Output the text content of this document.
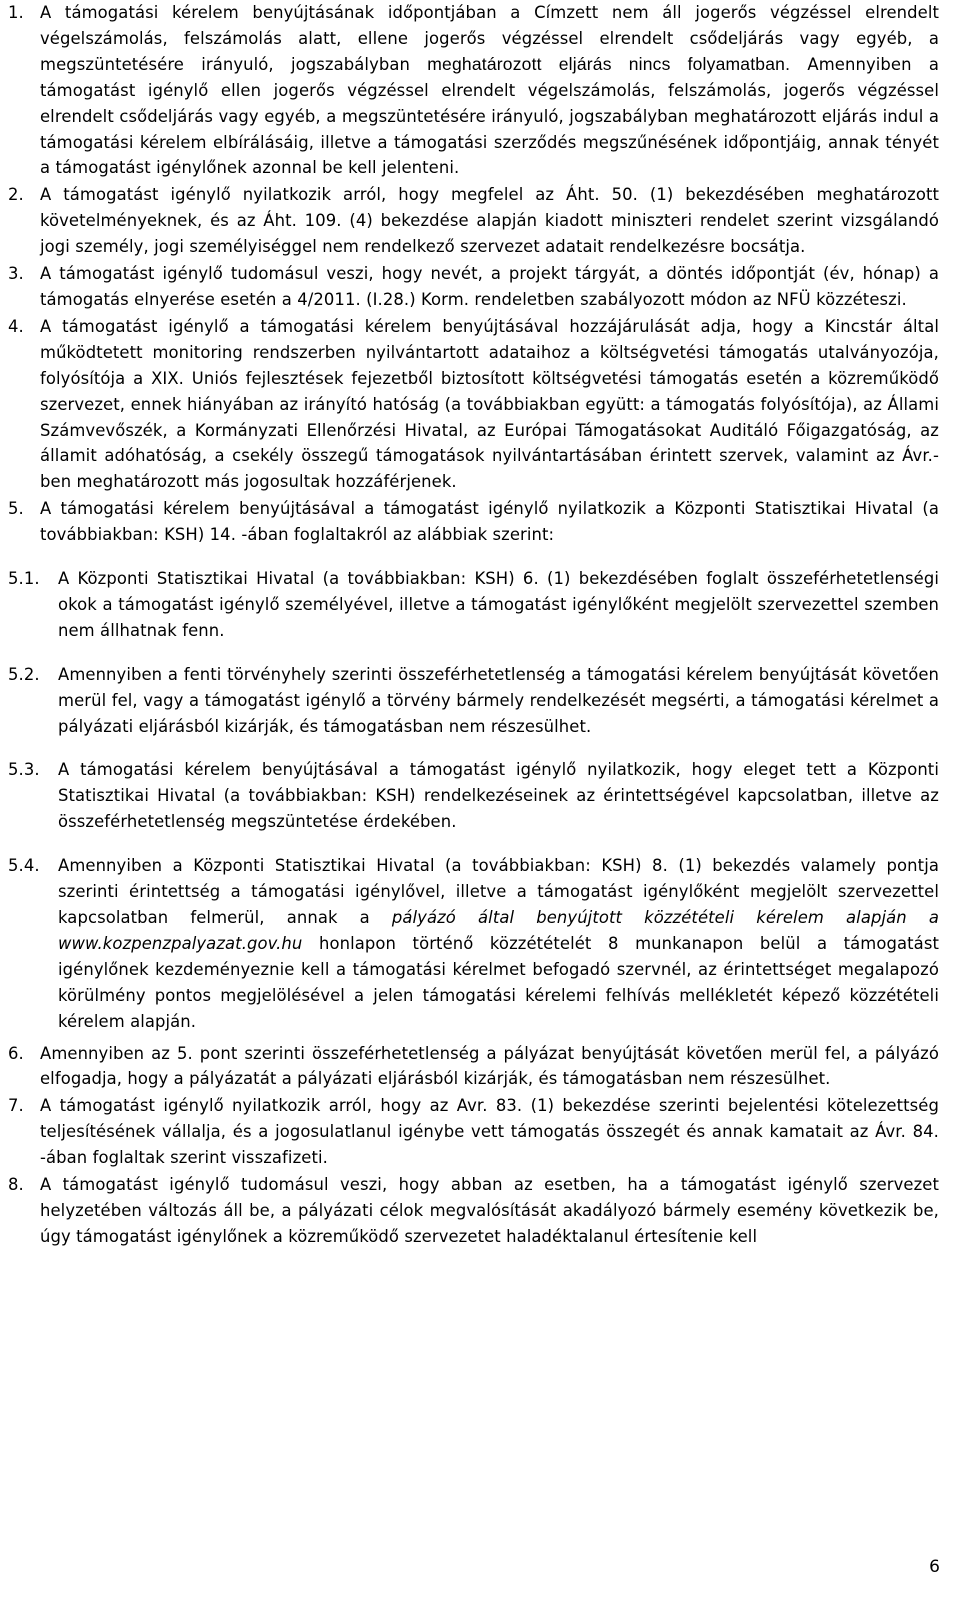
1. A támogatási kérelem benyújtásának időpontjában a Címzett nem áll jogerős végzéssel elrendelt végelszámolás, felszámolás alatt, ellene jogerős végzéssel elrendelt csődeljárás vagy egyéb, a megszüntetésére irányuló, jogszabályban meghatározott eljárás nincs folyamatban. Amennyiben a támogatást igénylő ellen jogerős végzéssel elrendelt végelszámolás, felszámolás, jogerős végzéssel elrendelt csődeljárás vagy egyéb, a megszüntetésére irányuló, jogszabályban meghatározott eljárás indul a támogatási kérelem elbírálásáig, illetve a támogatási szerződés megszűnésének időpontjáig, annak tényét a támogatást igénylőnek azonnal be kell jelenteni.
2. A támogatást igénylő nyilatkozik arról, hogy megfelel az Áht. 50. (1) bekezdésében meghatározott követelményeknek, és az Áht. 109. (4) bekezdése alapján kiadott miniszteri rendelet szerint vizsgálandó jogi személy, jogi személyiséggel nem rendelkező szervezet adatait rendelkezésre bocsátja.
3. A támogatást igénylő tudomásul veszi, hogy nevét, a projekt tárgyát, a döntés időpontját (év, hónap) a támogatás elnyerése esetén a 4/2011. (I.28.) Korm. rendeletben szabályozott módon az NFÜ közzéteszi.
4. A támogatást igénylő a támogatási kérelem benyújtásával hozzájárulását adja, hogy a Kincstár által működtetett monitoring rendszerben nyilvántartott adataihoz a költségvetési támogatás utalványozója, folyósítója a XIX. Uniós fejlesztések fejezetből biztosított költségvetési támogatás esetén a közreműködő szervezet, ennek hiányában az irányító hatóság (a továbbiakban együtt: a támogatás folyósítója), az Állami Számvevőszék, a Kormányzati Ellenőrzési Hivatal, az Európai Támogatásokat Auditáló Főigazgatóság, az államit adóhatóság, a csekély összegű támogatások nyilvántartásában érintett szervek, valamint az Ávr.-ben meghatározott más jogosultak hozzáférjenek.
5. A támogatási kérelem benyújtásával a támogatást igénylő nyilatkozik a Központi Statisztikai Hivatal (a továbbiakban: KSH) 14. -ában foglaltakról az alábbiak szerint:
5.1.	A Központi Statisztikai Hivatal (a továbbiakban: KSH) 6. (1) bekezdésében foglalt összeférhetetlenségi okok a támogatást igénylő személyével, illetve a támogatást igénylőként megjelölt szervezettel szemben nem állhatnak fenn.
5.2.	Amennyiben a fenti törvényhely szerinti összeférhetetlenség a támogatási kérelem benyújtását követően merül fel, vagy a támogatást igénylő a törvény bármely rendelkezését megsérti, a támogatási kérelmet a pályázati eljárásból kizárják, és támogatásban nem részesülhet.
5.3.	A támogatási kérelem benyújtásával a támogatást igénylő nyilatkozik, hogy eleget tett a Központi Statisztikai Hivatal (a továbbiakban: KSH) rendelkezéseinek az érintettségével kapcsolatban, illetve az összeférhetetlenség megszüntetése érdekében.
5.4.	Amennyiben a Központi Statisztikai Hivatal (a továbbiakban: KSH) 8. (1) bekezdés valamely pontja szerinti érintettség a támogatási igénylővel, illetve a támogatást igénylőként megjelölt szervezettel kapcsolatban felmerül, annak a pályázó által benyújtott közzétételi kérelem alapján a www.kozpenzpalyazat.gov.hu honlapon történő közzétételét 8 munkanapon belül a támogatást igénylőnek kezdeményeznie kell a támogatási kérelmet befogadó szervnél, az érintettséget megalapozó körülmény pontos megjelölésével a jelen támogatási kérelemi felhívás mellékletét képező közzétételi kérelem alapján.
6. Amennyiben az 5. pont szerinti összeférhetetlenség a pályázat benyújtását követően merül fel, a pályázó elfogadja, hogy a pályázatát a pályázati eljárásból kizárják, és támogatásban nem részesülhet.
7. A támogatást igénylő nyilatkozik arról, hogy az Avr. 83. (1) bekezdése szerinti bejelentési kötelezettség teljesítésének vállalja, és a jogosulatlanul igénybe vett támogatás összegét és annak kamatait az Ávr. 84. -ában foglaltak szerint visszafizeti.
8. A támogatást igénylő tudomásul veszi, hogy abban az esetben, ha a támogatást igénylő szervezet helyzetében változás áll be, a pályázati célok megvalósítását akadályozó bármely esemény következik be, úgy támogatást igénylőnek a közreműködő szervezetet haladéktalanul értesítenie kell
6
